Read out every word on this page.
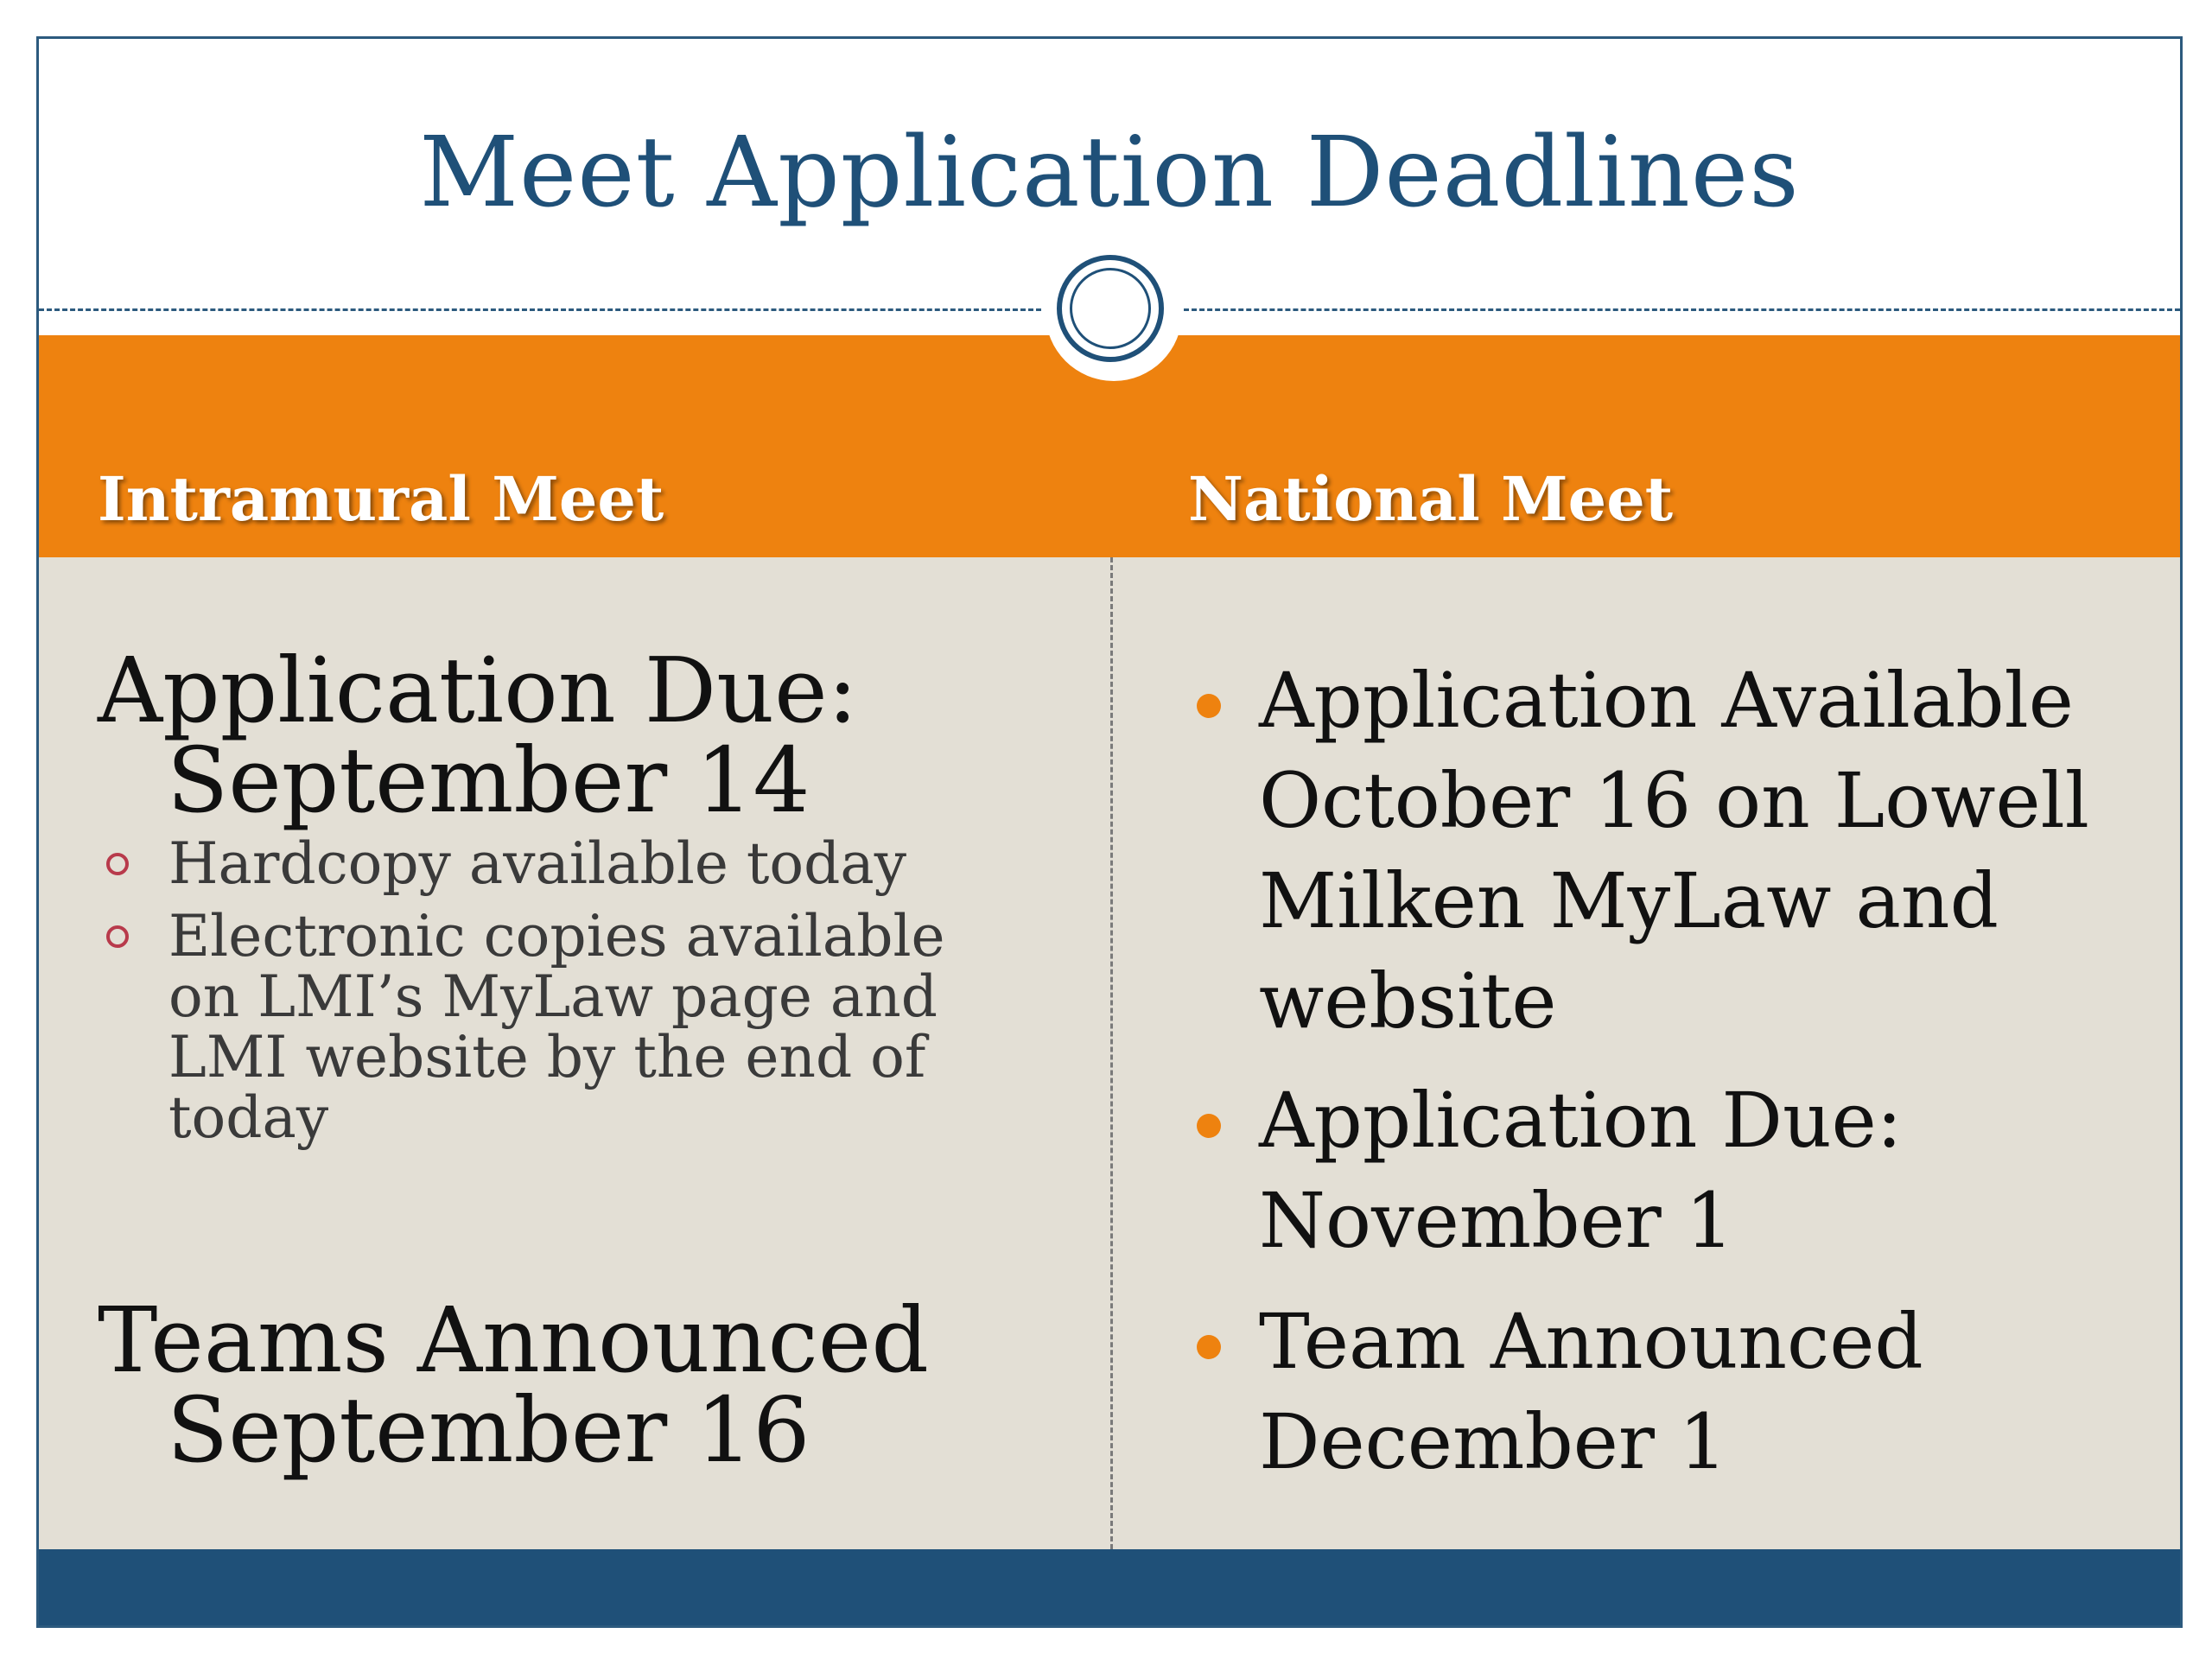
Meet Application Deadlines
Intramural Meet	National Meet
Application Due:
September 14
Hardcopy available today
Electronic copies available on LMI’s MyLaw page and LMI website by the end of today
Teams Announced
September 16
Application Available October 16 on Lowell Milken MyLaw and website
Application Due: November 1
Team Announced December 1
